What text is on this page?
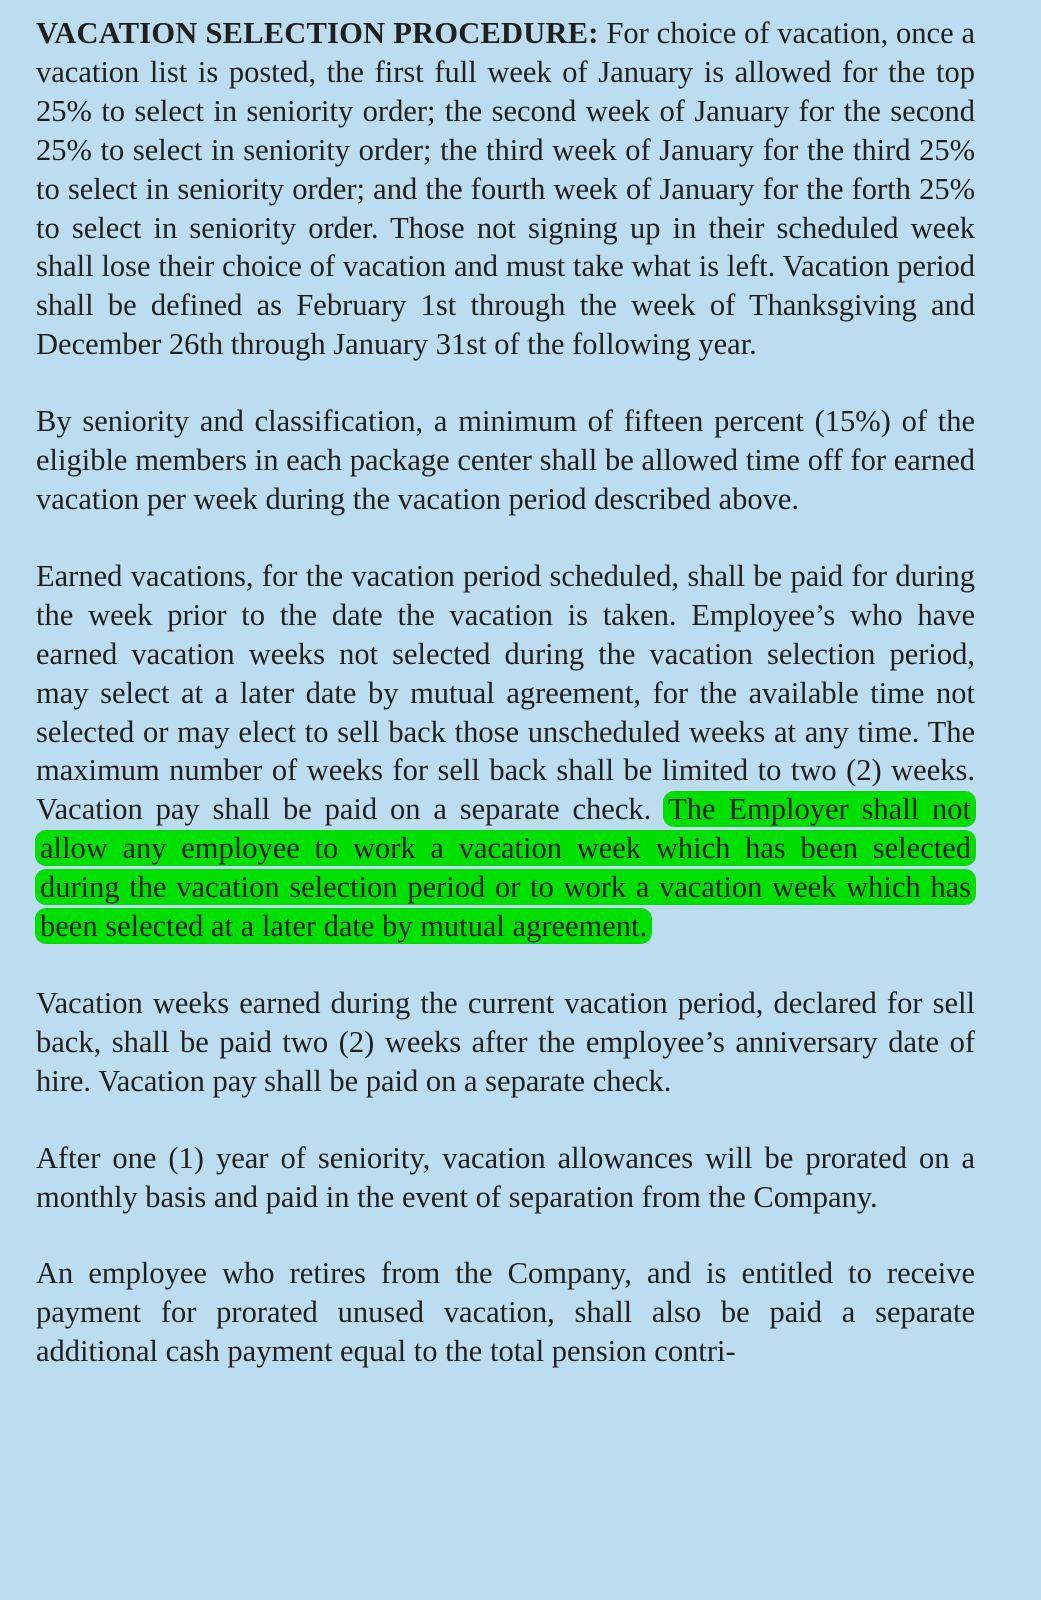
VACATION SELECTION PROCEDURE: For choice of vacation, once a vacation list is posted, the first full week of January is allowed for the top 25% to select in seniority order; the second week of January for the second 25% to select in seniority order; the third week of January for the third 25% to select in seniority order; and the fourth week of January for the forth 25% to select in seniority order. Those not signing up in their scheduled week shall lose their choice of vacation and must take what is left. Vacation period shall be defined as February 1st through the week of Thanksgiving and December 26th through January 31st of the following year.

By seniority and classification, a minimum of fifteen percent (15%) of the eligible members in each package center shall be allowed time off for earned vacation per week during the vacation period described above.

Earned vacations, for the vacation period scheduled, shall be paid for during the week prior to the date the vacation is taken. Employee’s who have earned vacation weeks not selected during the vacation selection period, may select at a later date by mutual agreement, for the available time not selected or may elect to sell back those unscheduled weeks at any time. The maximum number of weeks for sell back shall be limited to two (2) weeks. Vacation pay shall be paid on a separate check. The Employer shall not allow any employee to work a vacation week which has been selected during the vacation selection period or to work a vacation week which has been selected at a later date by mutual agreement.

Vacation weeks earned during the current vacation period, declared for sell back, shall be paid two (2) weeks after the employee’s anniversary date of hire. Vacation pay shall be paid on a separate check.

After one (1) year of seniority, vacation allowances will be prorated on a monthly basis and paid in the event of separation from the Company.

An employee who retires from the Company, and is entitled to receive payment for prorated unused vacation, shall also be paid a separate additional cash payment equal to the total pension contri-
